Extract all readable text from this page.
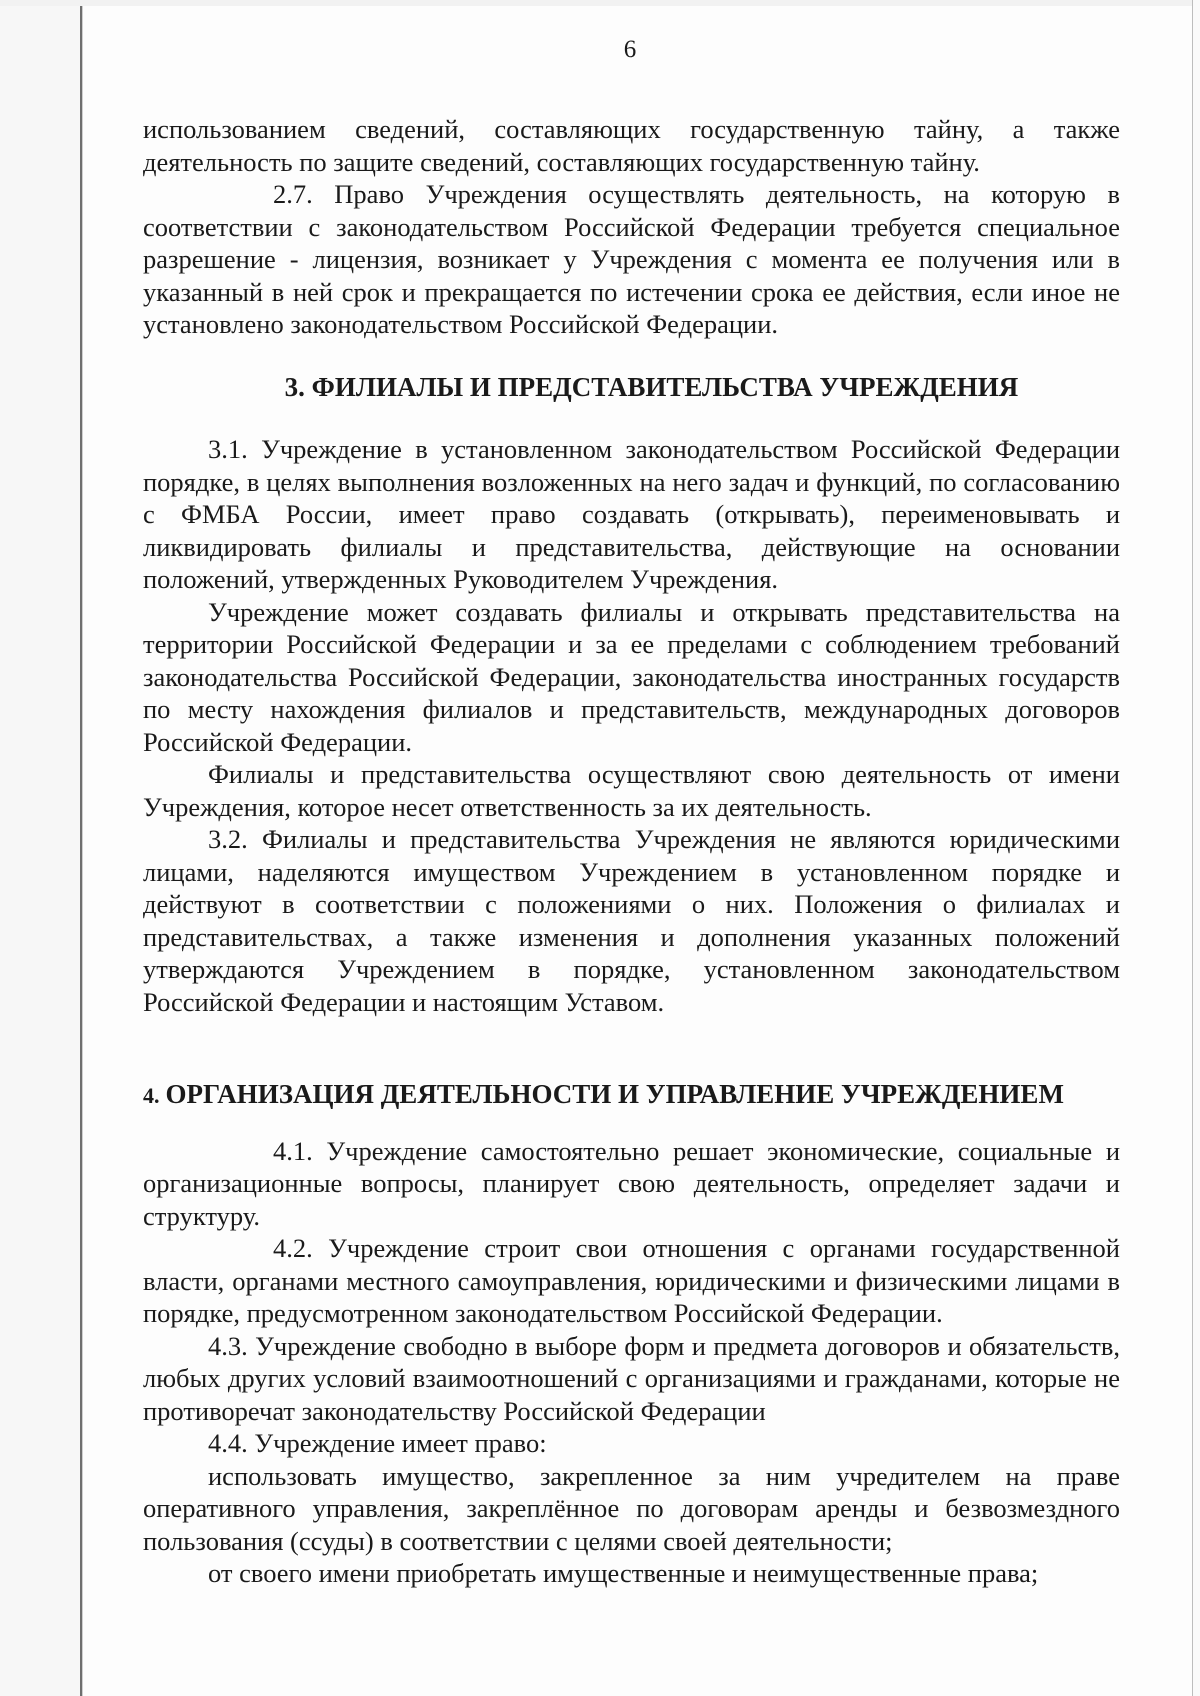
6

использованием сведений, составляющих государственную тайну, а также деятельность по защите сведений, составляющих государственную тайну.

2.7. Право Учреждения осуществлять деятельность, на которую в соответствии с законодательством Российской Федерации требуется специальное разрешение - лицензия, возникает у Учреждения с момента ее получения или в указанный в ней срок и прекращается по истечении срока ее действия, если иное не установлено законодательством Российской Федерации.

3. ФИЛИАЛЫ И ПРЕДСТАВИТЕЛЬСТВА УЧРЕЖДЕНИЯ

3.1. Учреждение в установленном законодательством Российской Федерации порядке, в целях выполнения возложенных на него задач и функций, по согласованию с ФМБА России, имеет право создавать (открывать), переименовывать и ликвидировать филиалы и представительства, действующие на основании положений, утвержденных Руководителем Учреждения.

Учреждение может создавать филиалы и открывать представительства на территории Российской Федерации и за ее пределами с соблюдением требований законодательства Российской Федерации, законодательства иностранных государств по месту нахождения филиалов и представительств, международных договоров Российской Федерации.

Филиалы и представительства осуществляют свою деятельность от имени Учреждения, которое несет ответственность за их деятельность.

3.2. Филиалы и представительства Учреждения не являются юридическими лицами, наделяются имуществом Учреждением в установленном порядке и действуют в соответствии с положениями о них. Положения о филиалах и представительствах, а также изменения и дополнения указанных положений утверждаются Учреждением в порядке, установленном законодательством Российской Федерации и настоящим Уставом.

4. ОРГАНИЗАЦИЯ ДЕЯТЕЛЬНОСТИ И УПРАВЛЕНИЕ УЧРЕЖДЕНИЕМ

4.1. Учреждение самостоятельно решает экономические, социальные и организационные вопросы, планирует свою деятельность, определяет задачи и структуру.

4.2. Учреждение строит свои отношения с органами государственной власти, органами местного самоуправления, юридическими и физическими лицами в порядке, предусмотренном законодательством Российской Федерации.

4.3. Учреждение свободно в выборе форм и предмета договоров и обязательств, любых других условий взаимоотношений с организациями и гражданами, которые не противоречат законодательству Российской Федерации

4.4. Учреждение имеет право:

использовать имущество, закрепленное за ним учредителем на праве оперативного управления, закреплённое по договорам аренды и безвозмездного пользования (ссуды) в соответствии с целями своей деятельности;

от своего имени приобретать имущественные и неимущественные права;
